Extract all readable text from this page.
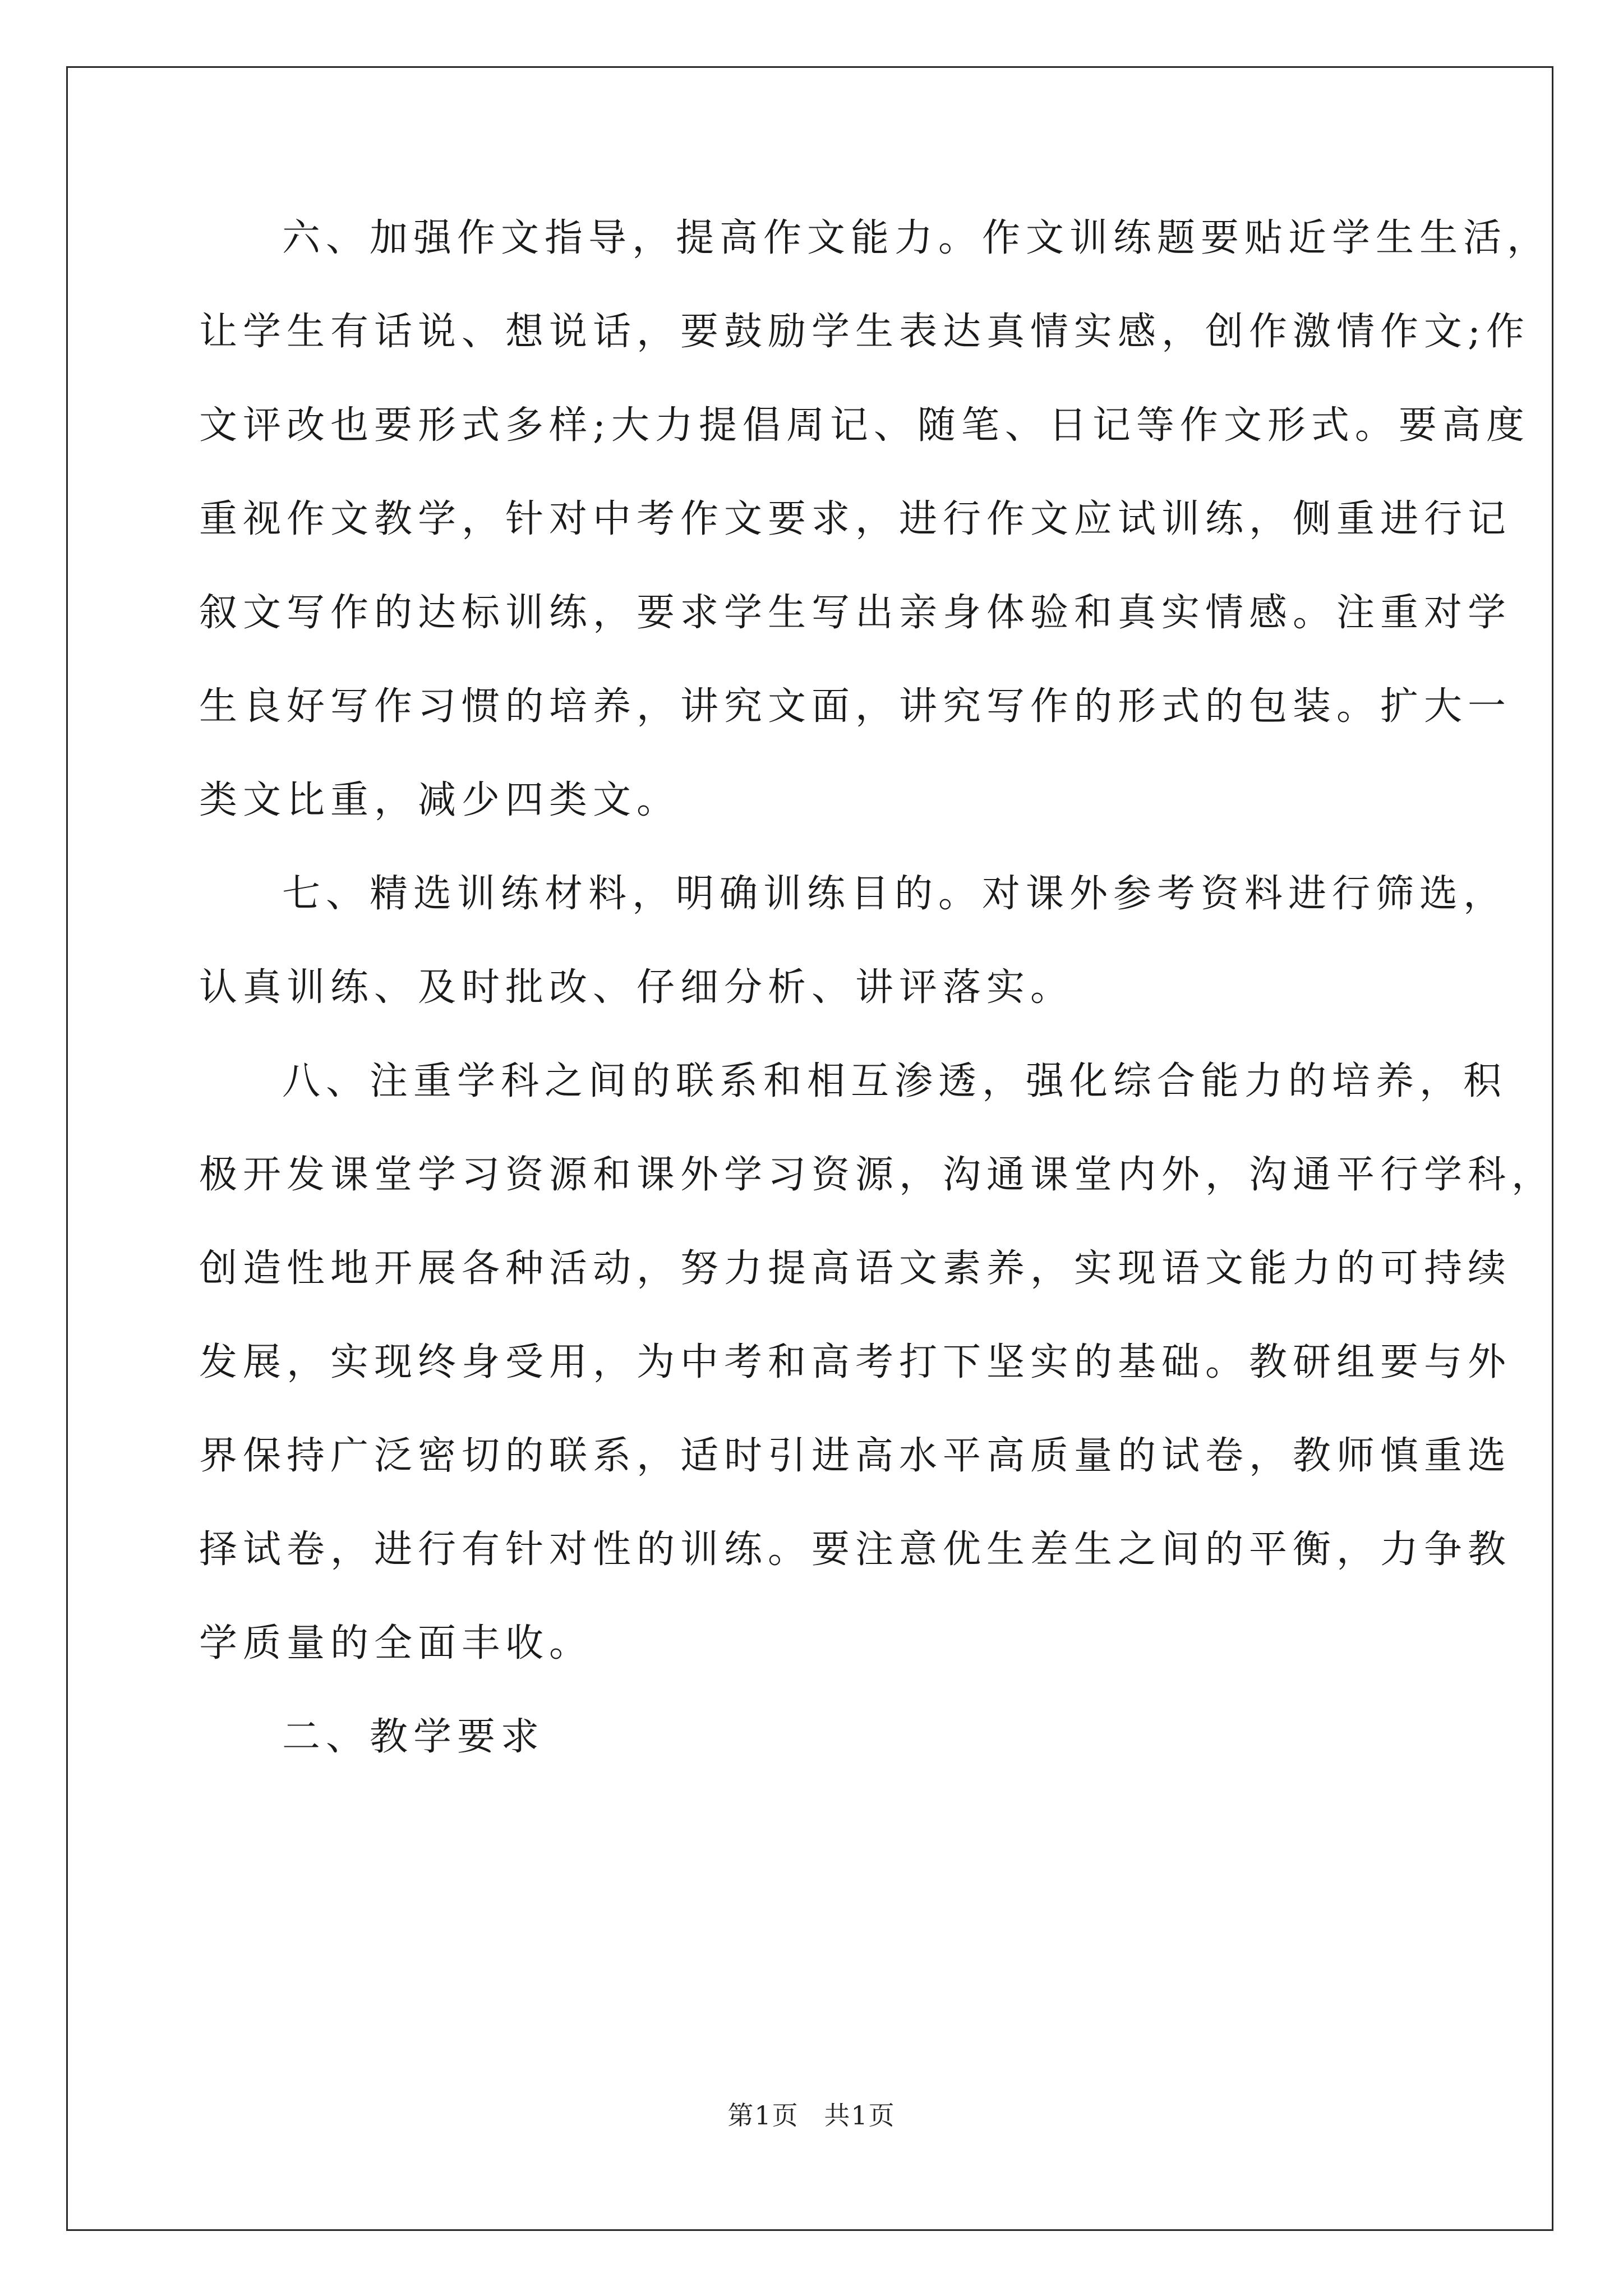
六、加强作文指导，提高作文能力。作文训练题要贴近学生生活，
让学生有话说、想说话，要鼓励学生表达真情实感，创作激情作文;作
文评改也要形式多样;大力提倡周记、随笔、日记等作文形式。要高度
重视作文教学，针对中考作文要求，进行作文应试训练，侧重进行记
叙文写作的达标训练，要求学生写出亲身体验和真实情感。注重对学
生良好写作习惯的培养，讲究文面，讲究写作的形式的包装。扩大一
类文比重，减少四类文。
七、精选训练材料，明确训练目的。对课外参考资料进行筛选，
认真训练、及时批改、仔细分析、讲评落实。
八、注重学科之间的联系和相互渗透，强化综合能力的培养，积
极开发课堂学习资源和课外学习资源，沟通课堂内外，沟通平行学科，
创造性地开展各种活动，努力提高语文素养，实现语文能力的可持续
发展，实现终身受用，为中考和高考打下坚实的基础。教研组要与外
界保持广泛密切的联系，适时引进高水平高质量的试卷，教师慎重选
择试卷，进行有针对性的训练。要注意优生差生之间的平衡，力争教
学质量的全面丰收。
二、教学要求
第1页 共1页
